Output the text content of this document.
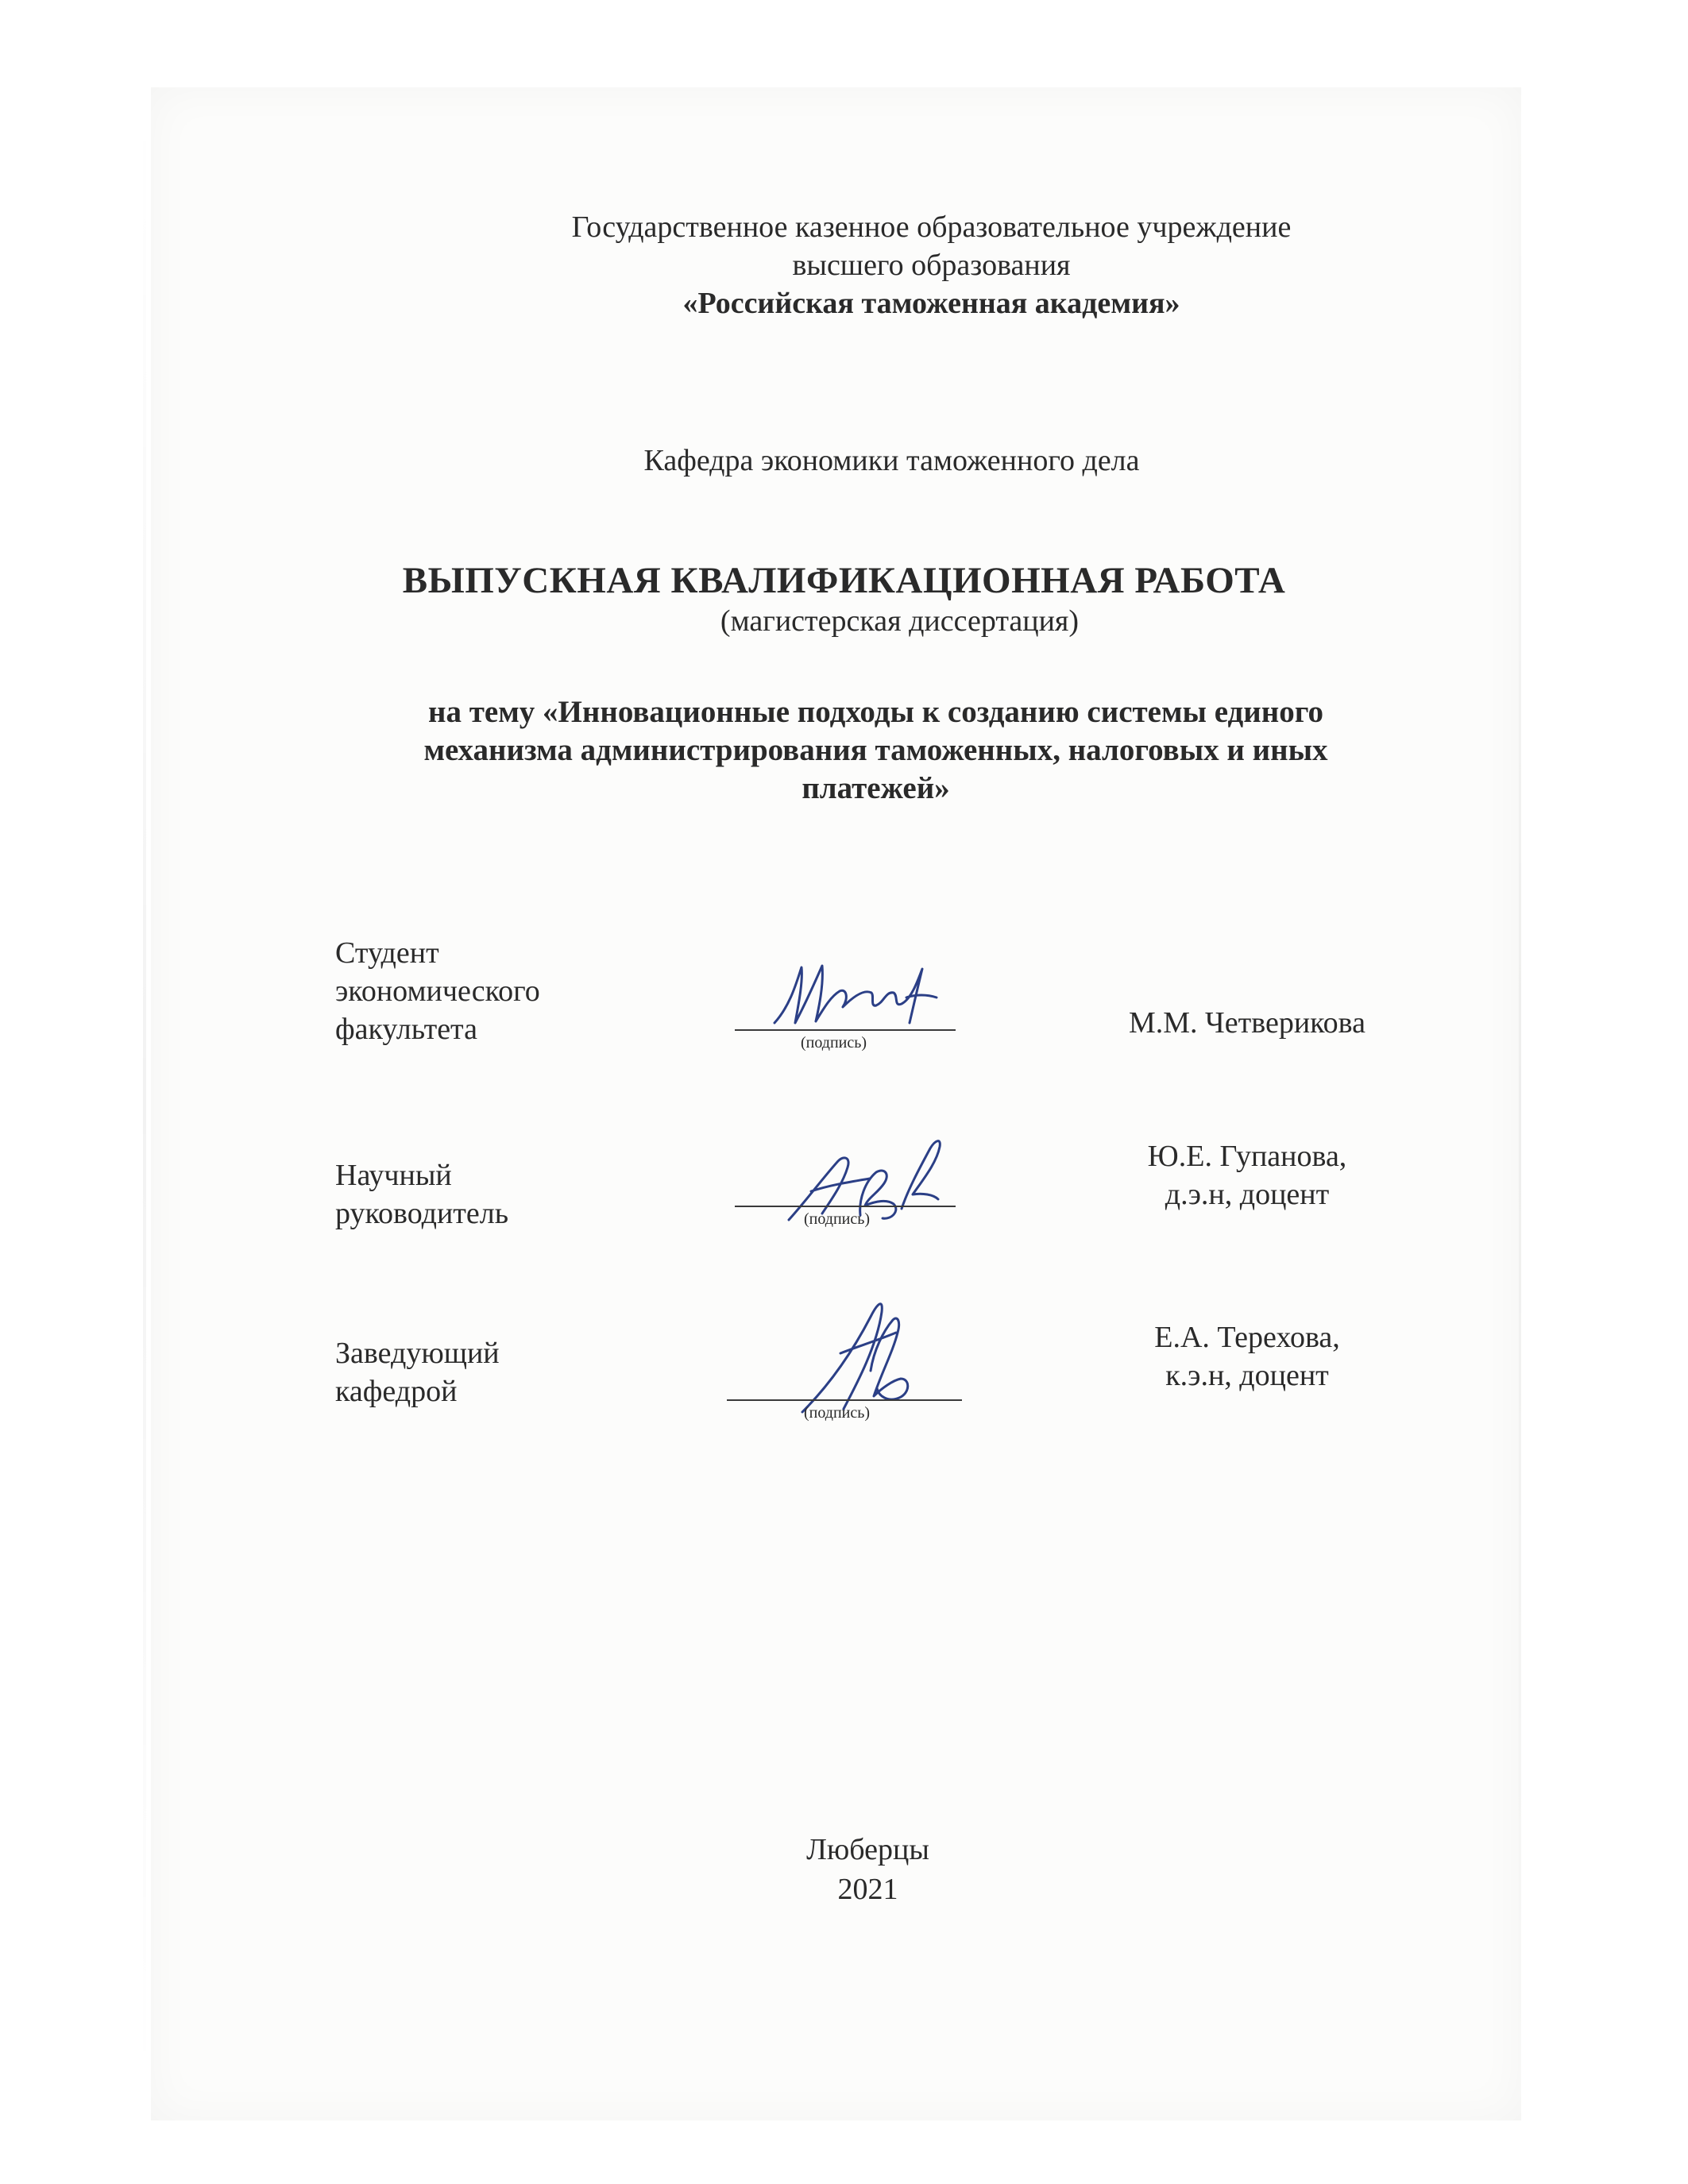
Государственное казенное образовательное учреждение
высшего образования
«Российская таможенная академия»
Кафедра экономики таможенного дела
ВЫПУСКНАЯ КВАЛИФИКАЦИОННАЯ РАБОТА
(магистерская диссертация)
на тему «Инновационные подходы к созданию системы единого
механизма администрирования таможенных, налоговых и иных
платежей»
Студент
экономического
факультета	(подпись)
М.М. Четверикова
Научный
руководитель	(подпись)
Ю.Е. Гупанова,
д.э.н, доцент
Заведующий
кафедрой
(подпись)
Е.А. Терехова,
к.э.н, доцент
Люберцы
2021
